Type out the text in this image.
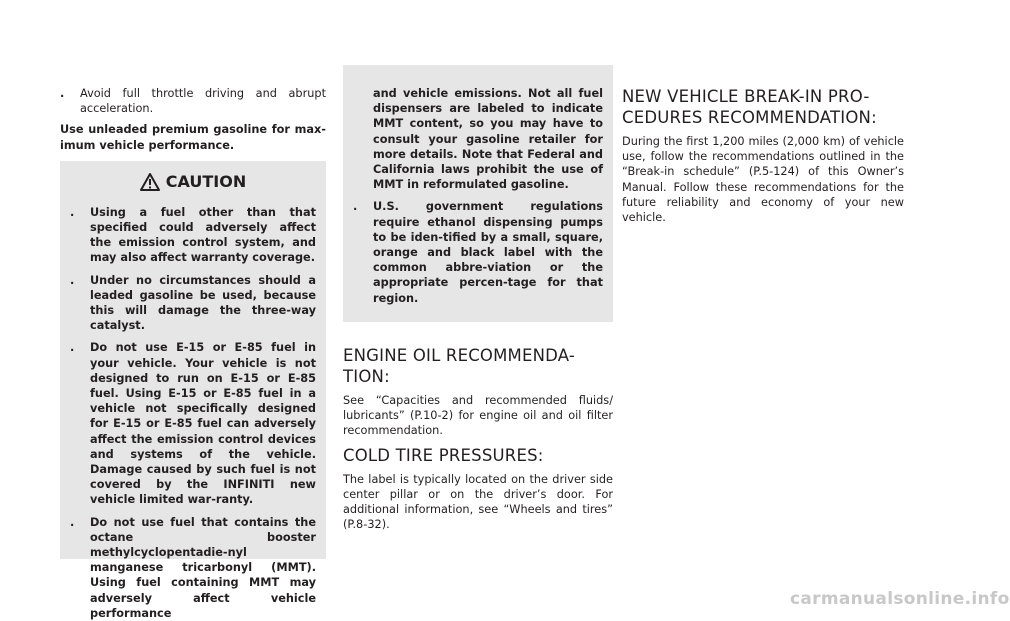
. Avoid full throttle driving and abrupt acceleration.
Use unleaded premium gasoline for max-imum vehicle performance.
CAUTION
. Using a fuel other than that specified could adversely affect the emission control system, and may also affect warranty coverage.
. Under no circumstances should a leaded gasoline be used, because this will damage the three-way catalyst.
. Do not use E-15 or E-85 fuel in your vehicle. Your vehicle is not designed to run on E-15 or E-85 fuel. Using E-15 or E-85 fuel in a vehicle not specifically designed for E-15 or E-85 fuel can adversely affect the emission control devices and systems of the vehicle. Damage caused by such fuel is not covered by the INFINITI new vehicle limited war-ranty.
. Do not use fuel that contains the octane booster methylcyclopentadie-nyl manganese tricarbonyl (MMT). Using fuel containing MMT may adversely affect vehicle performance
and vehicle emissions. Not all fuel dispensers are labeled to indicate MMT content, so you may have to consult your gasoline retailer for more details. Note that Federal and California laws prohibit the use of MMT in reformulated gasoline.
. U.S. government regulations require ethanol dispensing pumps to be iden-tified by a small, square, orange and black label with the common abbre-viation or the appropriate percen-tage for that region.
ENGINE OIL RECOMMENDA-TION:
See “Capacities and recommended fluids/ lubricants” (P.10-2) for engine oil and oil filter recommendation.
COLD TIRE PRESSURES:
The label is typically located on the driver side center pillar or on the driver’s door. For additional information, see “Wheels and tires” (P.8-32).
NEW VEHICLE BREAK-IN PRO-CEDURES RECOMMENDATION:
During the first 1,200 miles (2,000 km) of vehicle use, follow the recommendations outlined in the “Break-in schedule” (P.5-124) of this Owner’s Manual. Follow these recommendations for the future reliability and economy of your new vehicle.
carmanualsonline.info
